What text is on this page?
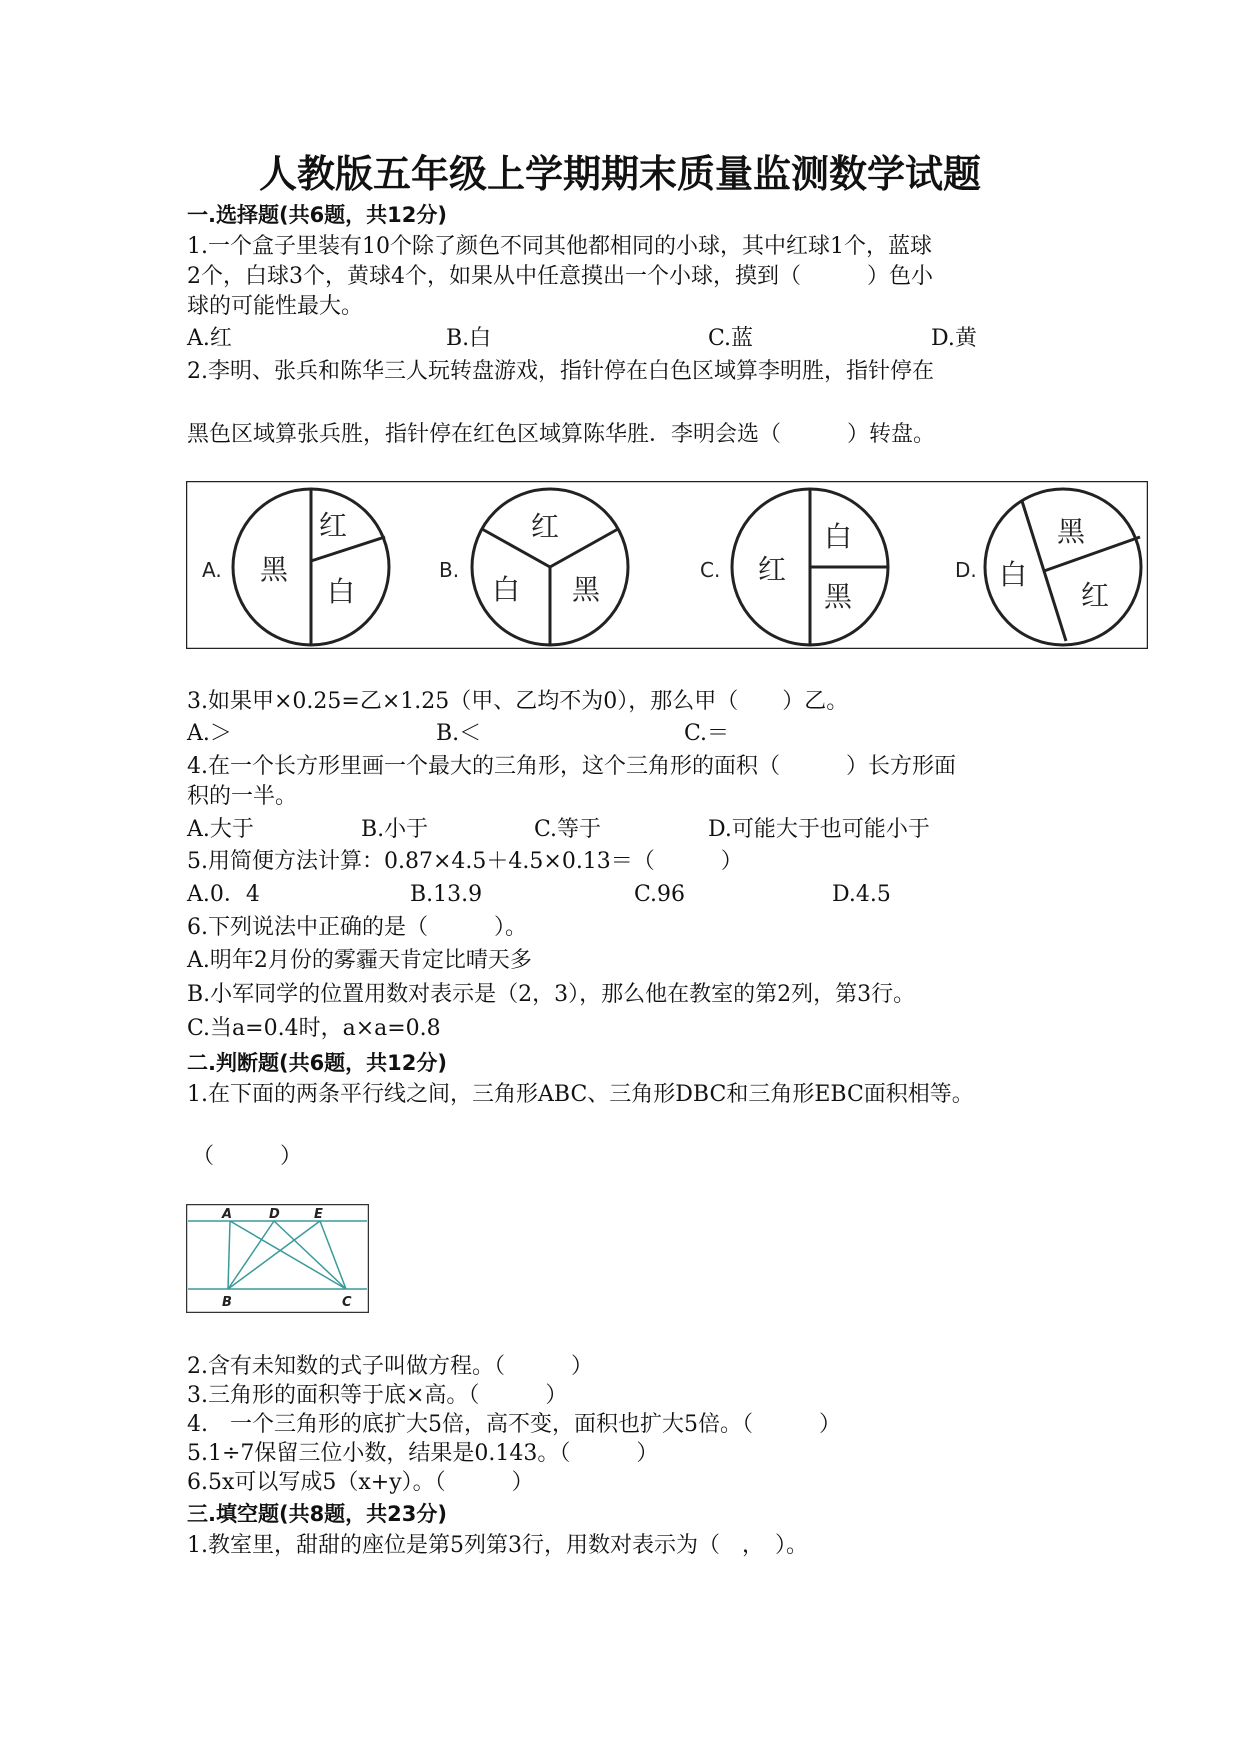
人教版五年级上学期期末质量监测数学试题
一.选择题(共6题，共12分)
1.一个盒子里装有10个除了颜色不同其他都相同的小球，其中红球1个，蓝球
2个，白球3个，黄球4个，如果从中任意摸出一个小球，摸到（　　　）色小
球的可能性最大。
A.红	B.白	C.蓝	D.黄
2.李明、张兵和陈华三人玩转盘游戏，指针停在白色区域算李明胜，指针停在
黑色区域算张兵胜，指针停在红色区域算陈华胜．李明会选（　　　）转盘。
A. 黑
红
白
B.
红
白 黑
C. 红
白
黑
D. 白
黑
红
3.如果甲×0.25=乙×1.25（甲、乙均不为0），那么甲（　　）乙。
A.＞	B.＜	C.＝
4.在一个长方形里画一个最大的三角形，这个三角形的面积（　　　）长方形面
积的一半。
A.大于	B.小于	C.等于	D.可能大于也可能小于
5.用简便方法计算：0.87×4.5＋4.5×0.13＝（　　　）
A.0．4	B.13.9	C.96	D.4.5
6.下列说法中正确的是（　　　）。
A.明年2月份的雾霾天肯定比晴天多
B.小军同学的位置用数对表示是（2，3），那么他在教室的第2列，第3行。
C.当a=0.4时，a×a=0.8
二.判断题(共6题，共12分)
1.在下面的两条平行线之间，三角形ABC、三角形DBC和三角形EBC面积相等。
（　　　）
A	D	E
B	C
2.含有未知数的式子叫做方程。（　　　）
3.三角形的面积等于底×高。（　　　）
4.　一个三角形的底扩大5倍，高不变，面积也扩大5倍。（　　　）
5.1÷7保留三位小数，结果是0.143。（　　　）
6.5x可以写成5（x+y）。（　　　）
三.填空题(共8题，共23分)
1.教室里，甜甜的座位是第5列第3行，用数对表示为（　，　）。
